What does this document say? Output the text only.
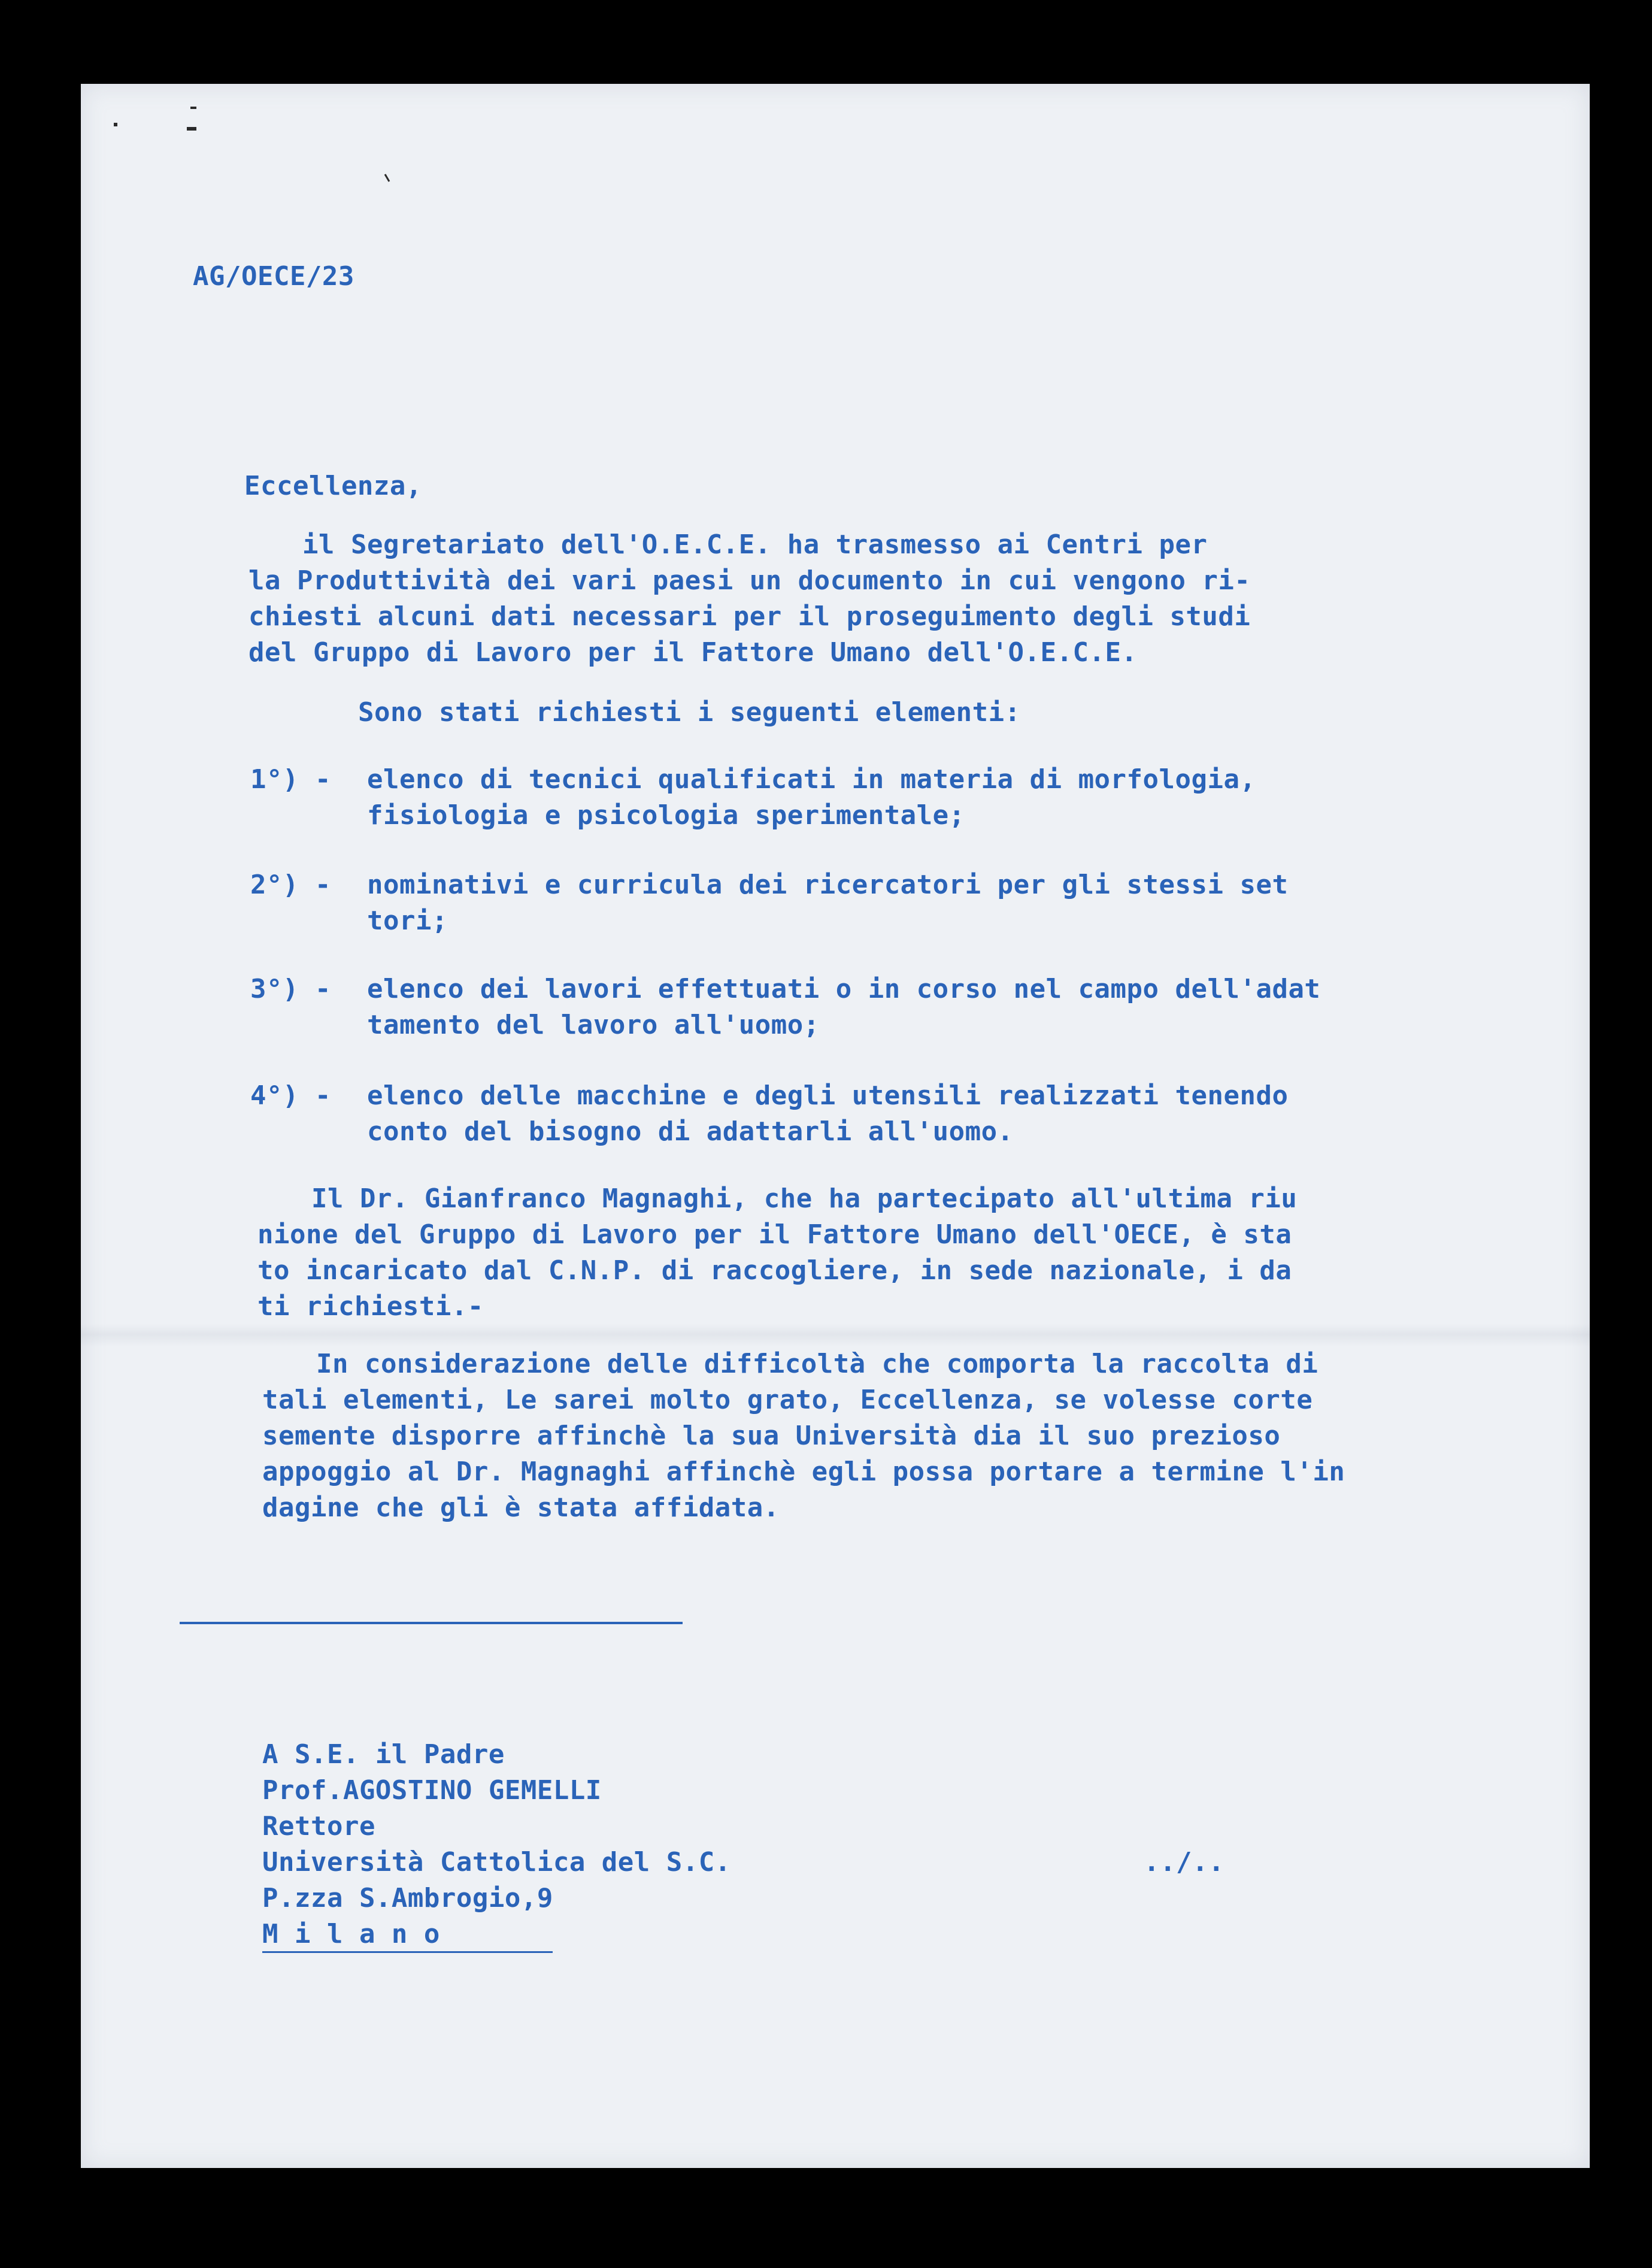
AG/OECE/23
Eccellenza,
il Segretariato dell'O.E.C.E. ha trasmesso ai Centri per
la Produttività dei vari paesi un documento in cui vengono ri-
chiesti alcuni dati necessari per il proseguimento degli studi
del Gruppo di Lavoro per il Fattore Umano dell'O.E.C.E.
Sono stati richiesti i seguenti elementi:
1°) - elenco di tecnici qualificati in materia di morfologia,
fisiologia e psicologia sperimentale;
2°) - nominativi e curricula dei ricercatori per gli stessi set
tori;
3°) - elenco dei lavori effettuati o in corso nel campo dell'adat
tamento del lavoro all'uomo;
4°) - elenco delle macchine e degli utensili realizzati tenendo
conto del bisogno di adattarli all'uomo.
Il Dr. Gianfranco Magnaghi, che ha partecipato all'ultima riu
nione del Gruppo di Lavoro per il Fattore Umano dell'OECE, è sta
to incaricato dal C.N.P. di raccogliere, in sede nazionale, i da
ti richiesti.-
In considerazione delle difficoltà che comporta la raccolta di
tali elementi, Le sarei molto grato, Eccellenza, se volesse corte
semente disporre affinchè la sua Università dia il suo prezioso
appoggio al Dr. Magnaghi affinchè egli possa portare a termine l'in
dagine che gli è stata affidata.
A S.E. il Padre
Prof.AGOSTINO GEMELLI
Rettore
Università Cattolica del S.C.
P.zza S.Ambrogio,9
M i l a n o
../..
